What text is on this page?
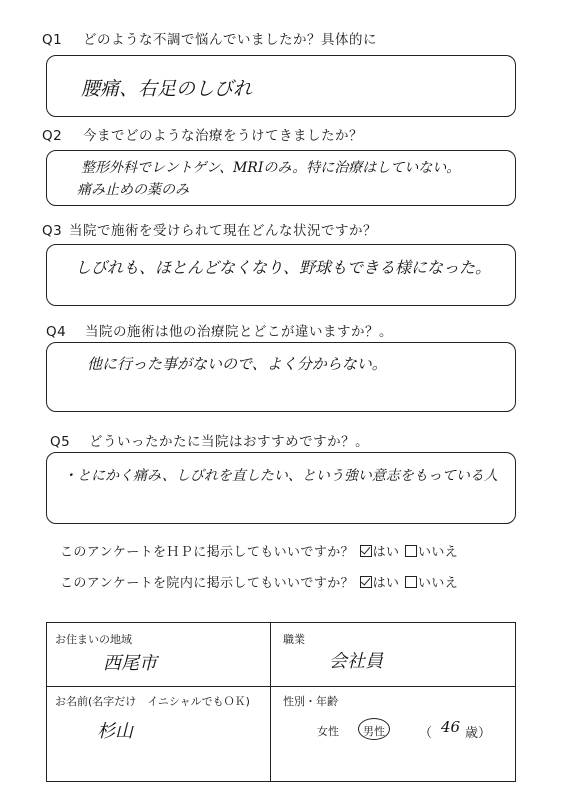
Q1 どのような不調で悩んでいましたか？具体的に
腰痛、右足のしびれ
Q2 今までどのような治療をうけてきましたか？
整形外科でレントゲン、MRIのみ。特に治療はしていない。
痛み止めの薬のみ
Q3 当院で施術を受けられて現在どんな状況ですか？
しびれも、ほとんどなくなり、野球もできる様になった。
Q4 当院の施術は他の治療院とどこが違いますか？。
他に行った事がないので、よく分からない。
Q5 どういったかたに当院はおすすめですか？。
・とにかく痛み、しびれを直したい、という強い意志をもっている人
このアンケートをＨＰに掲示してもいいですか？ はい いいえ
このアンケートを院内に掲示してもいいですか？ はい いいえ
お住まいの地域
西尾市
職業
会社員
お名前(名字だけ　イニシャルでもＯＫ)
杉山
性別・年齢
女性 男性	（ 46 歳）
